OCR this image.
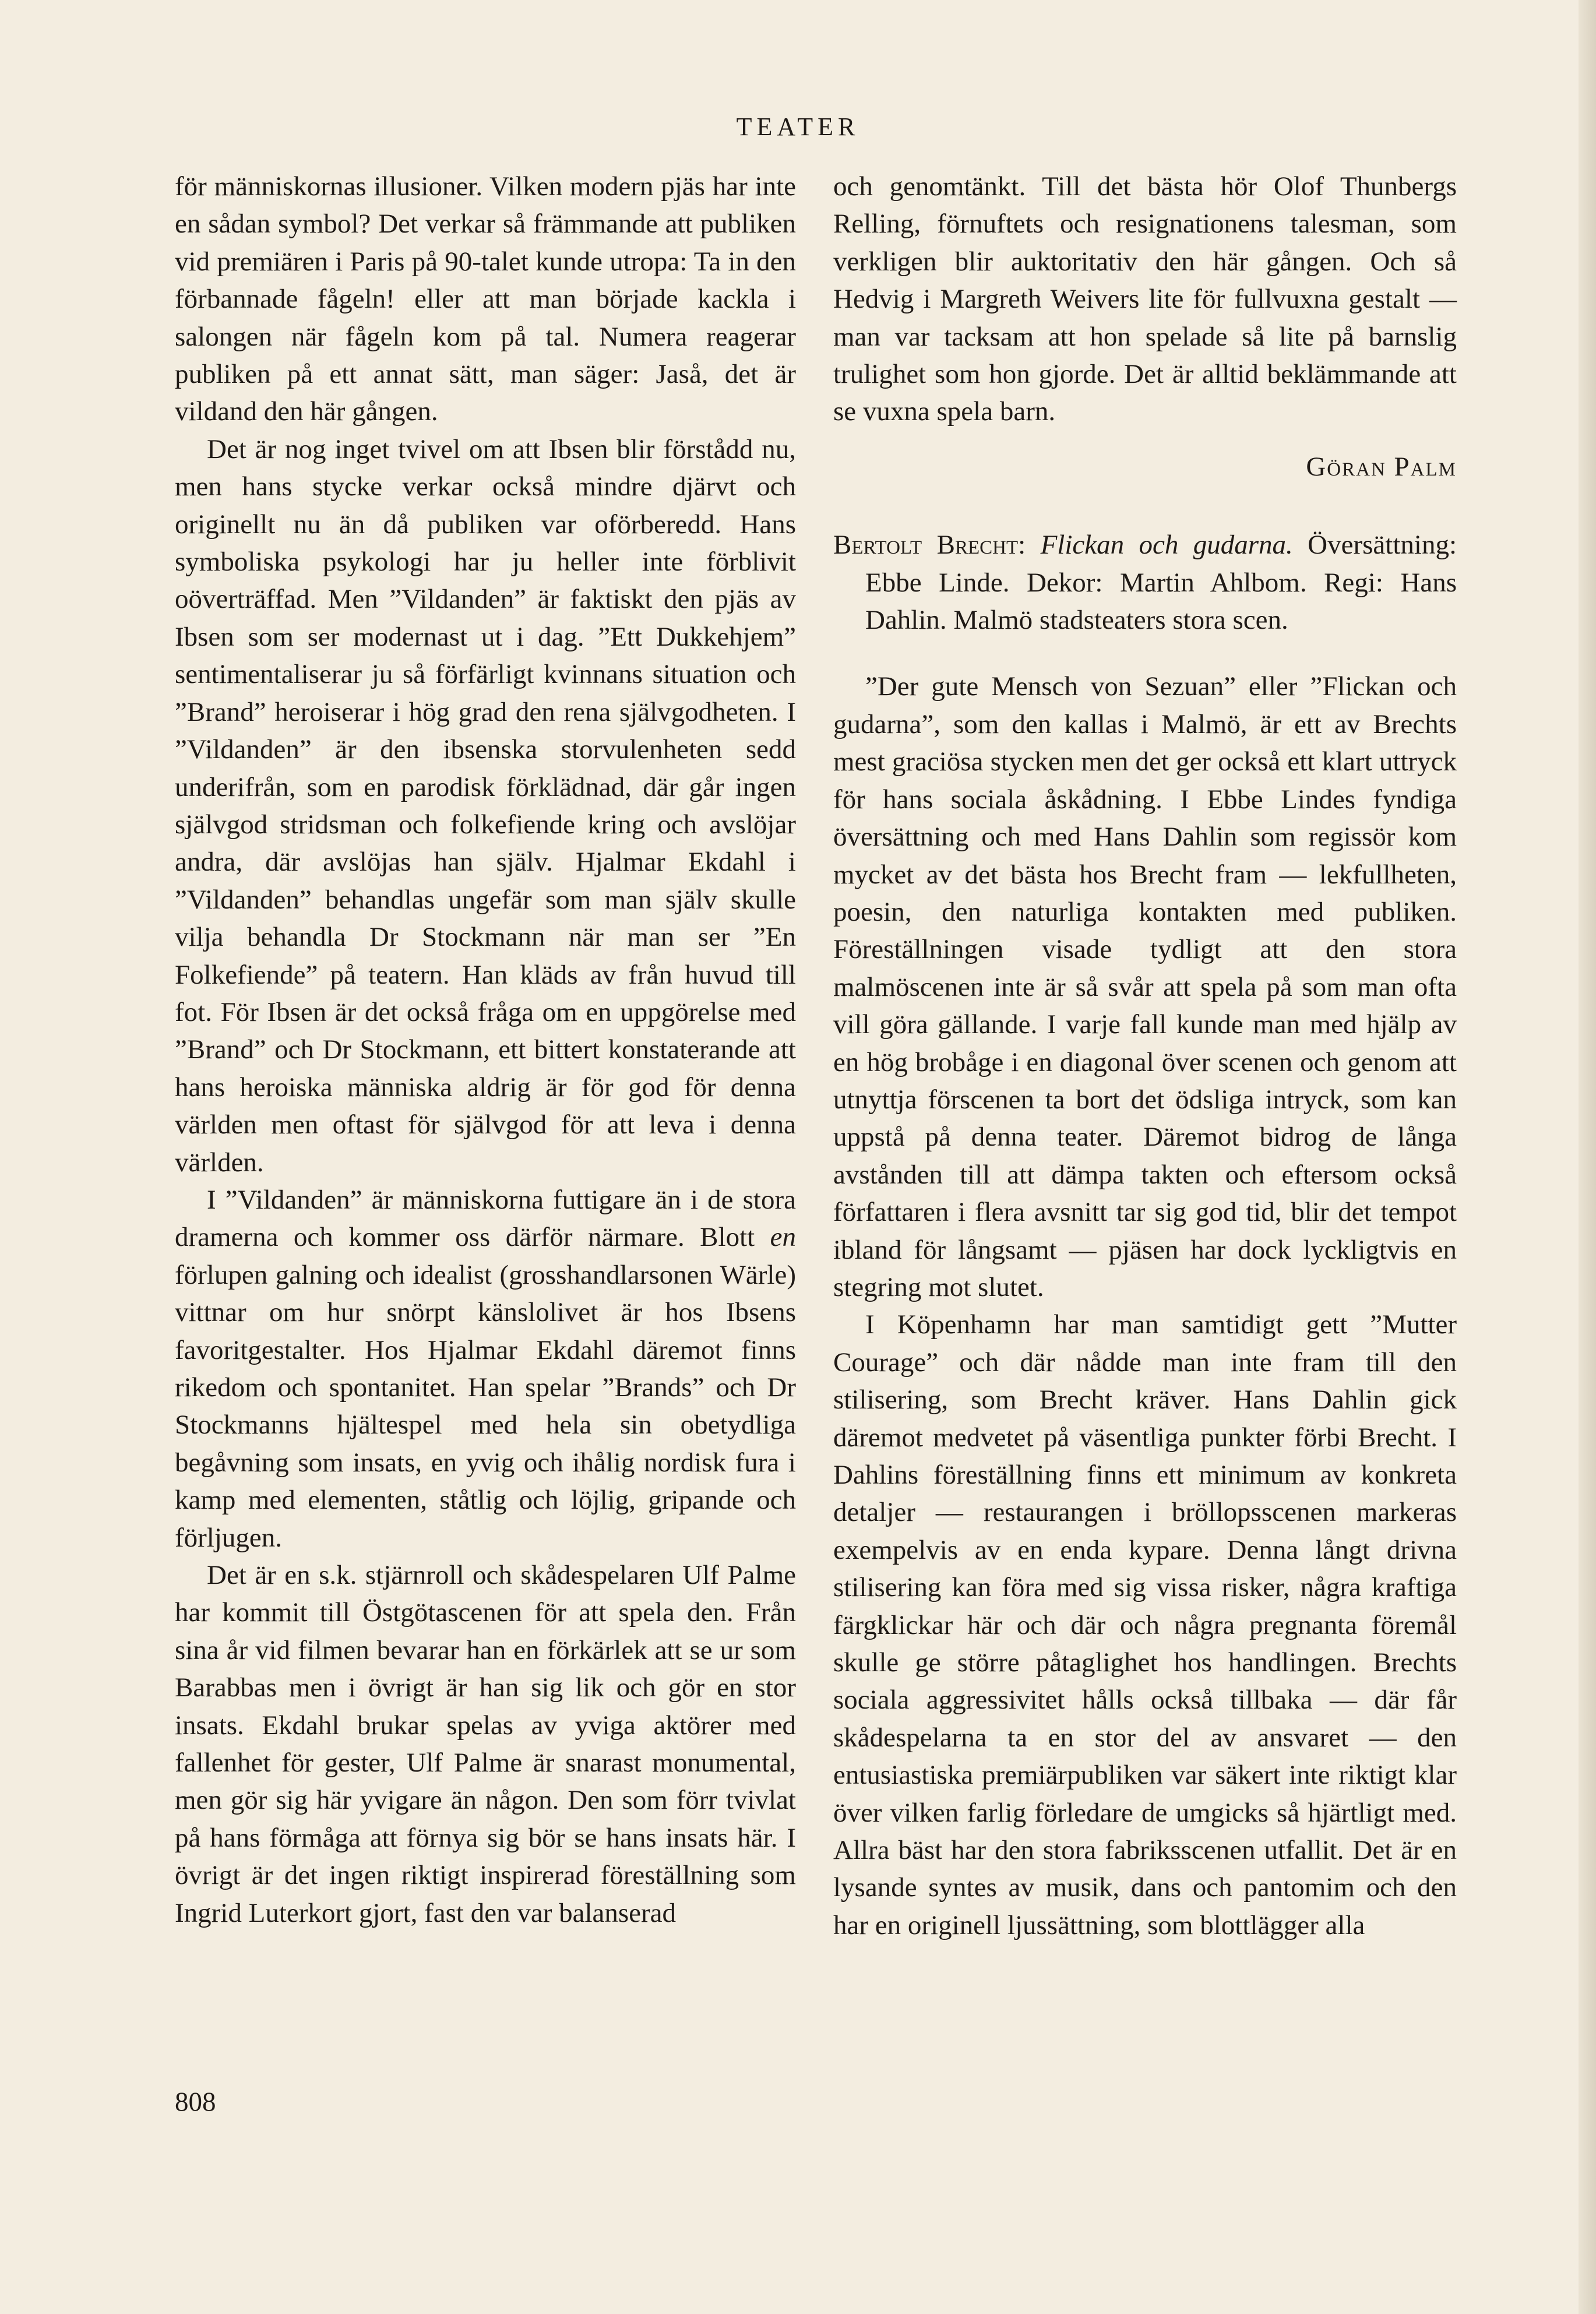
TEATER

för människornas illusioner. Vilken modern pjäs har inte en sådan symbol? Det verkar så främmande att publiken vid premiären i Paris på 90-talet kunde utropa: Ta in den förbannade fågeln! eller att man började kackla i salongen när fågeln kom på tal. Numera reagerar publiken på ett annat sätt, man säger: Jaså, det är vildand den här gången.

Det är nog inget tvivel om att Ibsen blir förstådd nu, men hans stycke verkar också mindre djärvt och originellt nu än då publiken var oförberedd. Hans symboliska psykologi har ju heller inte förblivit oöverträffad. Men ”Vildanden” är faktiskt den pjäs av Ibsen som ser modernast ut i dag. ”Ett Dukkehjem” sentimentaliserar ju så förfärligt kvinnans situation och ”Brand” heroiserar i hög grad den rena självgodheten. I ”Vildanden” är den ibsenska storvulenheten sedd underifrån, som en parodisk förklädnad, där går ingen självgod stridsman och folkefiende kring och avslöjar andra, där avslöjas han själv. Hjalmar Ekdahl i ”Vildanden” behandlas ungefär som man själv skulle vilja behandla Dr Stockmann när man ser ”En Folkefiende” på teatern. Han kläds av från huvud till fot. För Ibsen är det också fråga om en uppgörelse med ”Brand” och Dr Stockmann, ett bittert konstaterande att hans heroiska människa aldrig är för god för denna världen men oftast för självgod för att leva i denna världen.

I ”Vildanden” är människorna futtigare än i de stora dramerna och kommer oss därför närmare. Blott en förlupen galning och idealist (grosshandlarsonen Wärle) vittnar om hur snörpt känslolivet är hos Ibsens favoritgestalter. Hos Hjalmar Ekdahl däremot finns rikedom och spontanitet. Han spelar ”Brands” och Dr Stockmanns hjältespel med hela sin obetydliga begåvning som insats, en yvig och ihålig nordisk fura i kamp med elementen, ståtlig och löjlig, gripande och förljugen.

Det är en s.k. stjärnroll och skådespelaren Ulf Palme har kommit till Östgötascenen för att spela den. Från sina år vid filmen bevarar han en förkärlek att se ur som Barabbas men i övrigt är han sig lik och gör en stor insats. Ekdahl brukar spelas av yviga aktörer med fallenhet för gester, Ulf Palme är snarast monumental, men gör sig här yvigare än någon. Den som förr tvivlat på hans förmåga att förnya sig bör se hans insats här. I övrigt är det ingen riktigt inspirerad föreställning som Ingrid Luterkort gjort, fast den var balanserad

och genomtänkt. Till det bästa hör Olof Thunbergs Relling, förnuftets och resignationens talesman, som verkligen blir auktoritativ den här gången. Och så Hedvig i Margreth Weivers lite för fullvuxna gestalt — man var tacksam att hon spelade så lite på barnslig trulighet som hon gjorde. Det är alltid beklämmande att se vuxna spela barn.

Göran Palm

Bertolt Brecht: Flickan och gudarna. Översättning: Ebbe Linde. Dekor: Martin Ahlbom. Regi: Hans Dahlin. Malmö stadsteaters stora scen.

”Der gute Mensch von Sezuan” eller ”Flickan och gudarna”, som den kallas i Malmö, är ett av Brechts mest graciösa stycken men det ger också ett klart uttryck för hans sociala åskådning. I Ebbe Lindes fyndiga översättning och med Hans Dahlin som regissör kom mycket av det bästa hos Brecht fram — lekfullheten, poesin, den naturliga kontakten med publiken. Föreställningen visade tydligt att den stora malmöscenen inte är så svår att spela på som man ofta vill göra gällande. I varje fall kunde man med hjälp av en hög brobåge i en diagonal över scenen och genom att utnyttja förscenen ta bort det ödsliga intryck, som kan uppstå på denna teater. Däremot bidrog de långa avstånden till att dämpa takten och eftersom också författaren i flera avsnitt tar sig god tid, blir det tempot ibland för långsamt — pjäsen har dock lyckligtvis en stegring mot slutet.

I Köpenhamn har man samtidigt gett ”Mutter Courage” och där nådde man inte fram till den stilisering, som Brecht kräver. Hans Dahlin gick däremot medvetet på väsentliga punkter förbi Brecht. I Dahlins föreställning finns ett minimum av konkreta detaljer — restaurangen i bröllopsscenen markeras exempelvis av en enda kypare. Denna långt drivna stilisering kan föra med sig vissa risker, några kraftiga färgklickar här och där och några pregnanta föremål skulle ge större påtaglighet hos handlingen. Brechts sociala aggressivitet hålls också tillbaka — där får skådespelarna ta en stor del av ansvaret — den entusiastiska premiärpubliken var säkert inte riktigt klar över vilken farlig förledare de umgicks så hjärtligt med. Allra bäst har den stora fabriksscenen utfallit. Det är en lysande syntes av musik, dans och pantomim och den har en originell ljussättning, som blottlägger alla

808
